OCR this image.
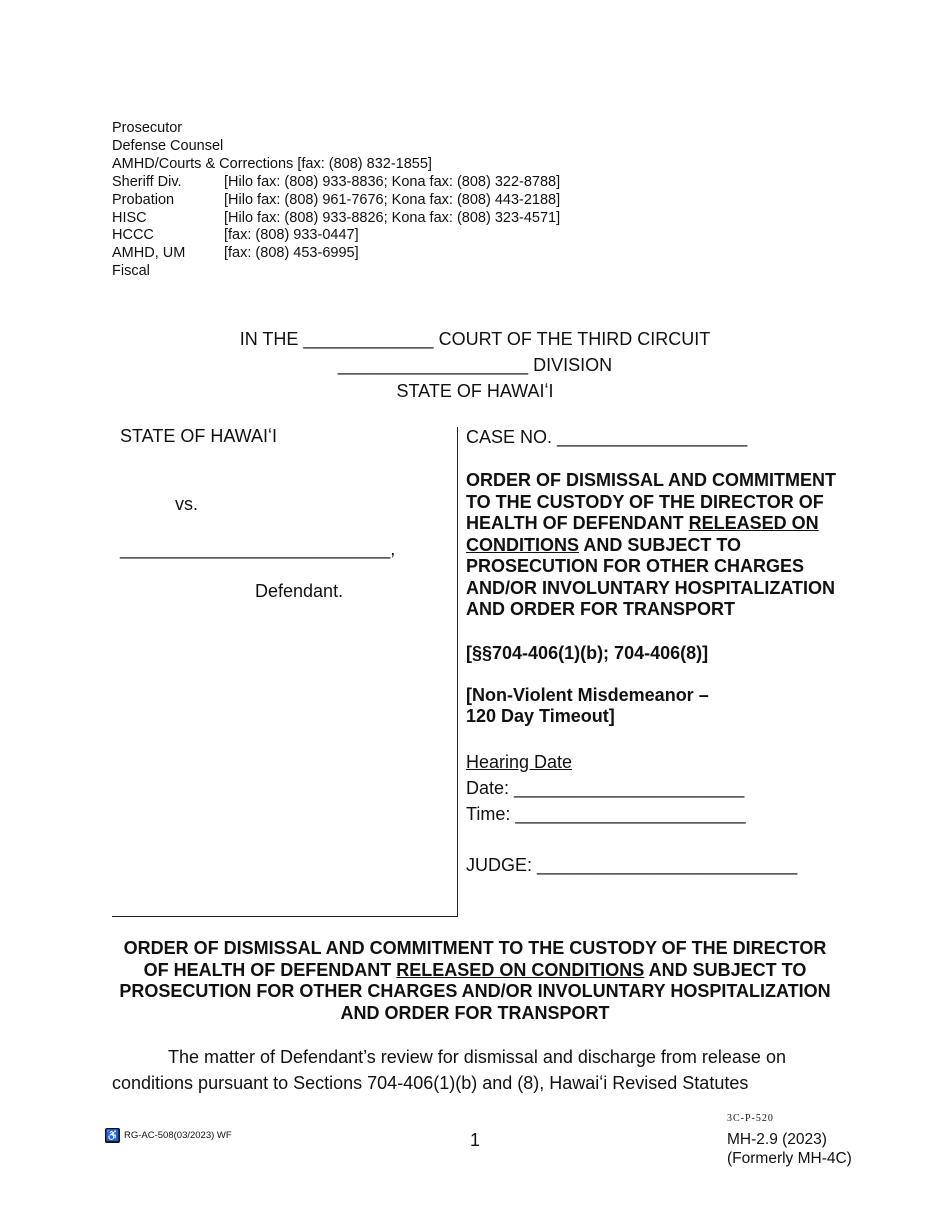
Prosecutor
Defense Counsel
AMHD/Courts & Corrections [fax: (808) 832-1855]
Sheriff Div.	[Hilo fax: (808) 933-8836; Kona fax: (808) 322-8788]
Probation	[Hilo fax: (808) 961-7676; Kona fax: (808) 443-2188]
HISC	[Hilo fax: (808) 933-8826; Kona fax: (808) 323-4571]
HCCC	[fax: (808) 933-0447]
AMHD, UM	[fax: (808) 453-6995]
Fiscal
IN THE _____________ COURT OF THE THIRD CIRCUIT
___________________ DIVISION
STATE OF HAWAIʻI
STATE OF HAWAIʻI
vs.
___________________________,
Defendant.
CASE NO. ___________________
ORDER OF DISMISSAL AND COMMITMENT TO THE CUSTODY OF THE DIRECTOR OF HEALTH OF DEFENDANT RELEASED ON CONDITIONS AND SUBJECT TO PROSECUTION FOR OTHER CHARGES AND/OR INVOLUNTARY HOSPITALIZATION AND ORDER FOR TRANSPORT
[§§704-406(1)(b); 704-406(8)]
[Non-Violent Misdemeanor –
120 Day Timeout]
Hearing Date
Date: _______________________
Time: _______________________
JUDGE: __________________________
ORDER OF DISMISSAL AND COMMITMENT TO THE CUSTODY OF THE DIRECTOR OF HEALTH OF DEFENDANT RELEASED ON CONDITIONS AND SUBJECT TO PROSECUTION FOR OTHER CHARGES AND/OR INVOLUNTARY HOSPITALIZATION AND ORDER FOR TRANSPORT
The matter of Defendant’s review for dismissal and discharge from release on conditions pursuant to Sections 704-406(1)(b) and (8), Hawaiʻi Revised Statutes
♿ RG-AC-508(03/2023) WF	1
3C-P-520
MH-2.9 (2023)
(Formerly MH-4C)
